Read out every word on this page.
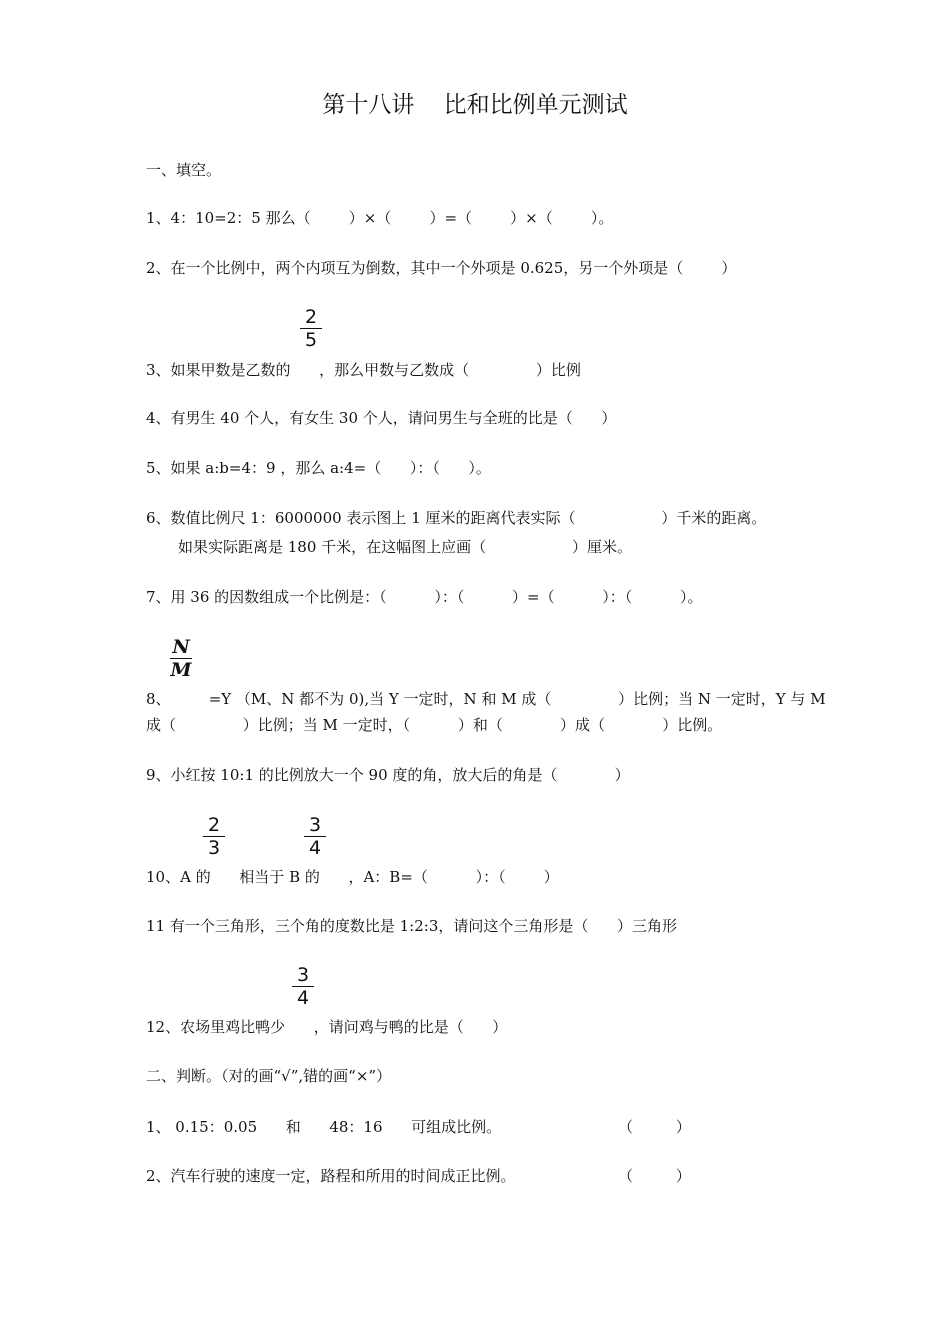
第十八讲    比和比例单元测试
一、填空。
1、4：10=2：5 那么（        ）×（        ）=（        ）×（        ）。
2、在一个比例中，两个内项互为倒数，其中一个外项是 0.625，另一个外项是（        ）
$\frac{2}{5}$
3、如果甲数是乙数的      ，那么甲数与乙数成（              ）比例
4、有男生 40 个人，有女生 30 个人，请问男生与全班的比是（      ）
5、如果 a:b=4：9 ，那么 a:4=（      ）：（      ）。
6、数值比例尺 1：6000000 表示图上 1 厘米的距离代表实际（                  ）千米的距离。
如果实际距离是 180 千米，在这幅图上应画（                  ）厘米。
7、用 36 的因数组成一个比例是：（          ）：（          ）=（          ）：（          ）。
$\frac{N}{M}$
8、        =Y （M、N 都不为 0),当 Y 一定时，N 和 M 成（              ）比例；当 N 一定时，Y 与 M
成（              ）比例；当 M 一定时，（          ）和（            ）成（            ）比例。
9、小红按 10:1 的比例放大一个 90 度的角，放大后的角是（            ）
$\frac{2}{3}$	$\frac{3}{4}$
10、A 的      相当于 B 的      ，A：B=（          ）：（        ）
11 有一个三角形，三个角的度数比是 1:2:3，请问这个三角形是（      ）三角形
$\frac{3}{4}$
12、农场里鸡比鸭少      ，请问鸡与鸭的比是（      ）
二、判断。（对的画“√”,错的画“×”）
1、 0.15：0.05      和      48：16      可组成比例。	（         ）
2、汽车行驶的速度一定，路程和所用的时间成正比例。	（         ）
